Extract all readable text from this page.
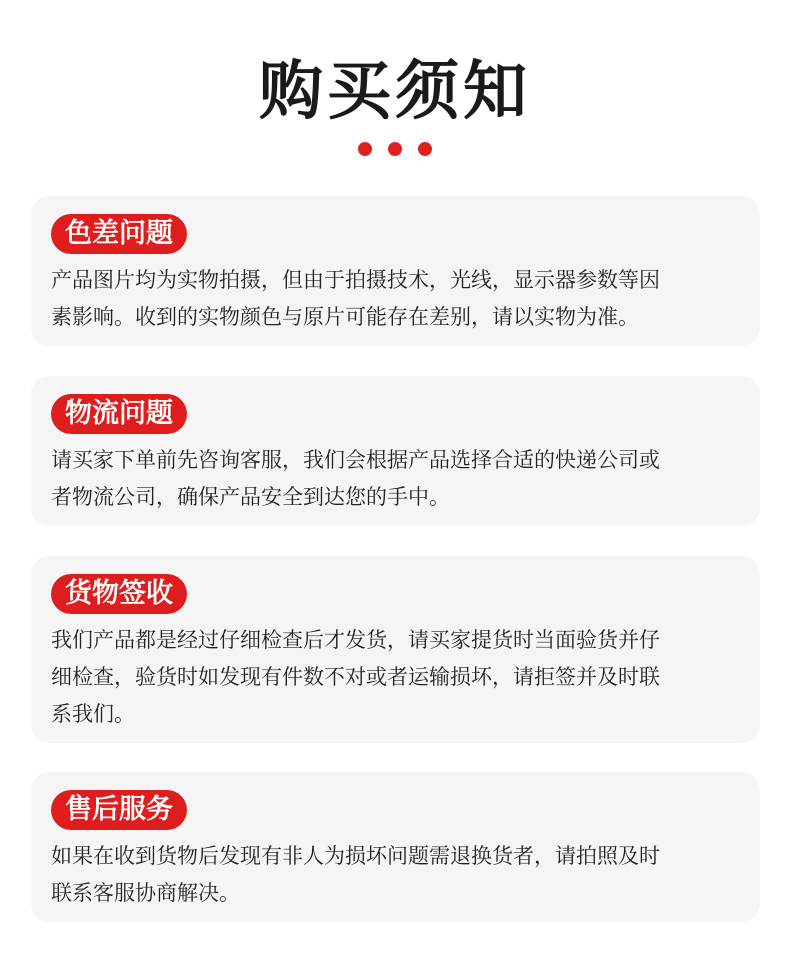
购买须知
色差问题
产品图片均为实物拍摄，但由于拍摄技术，光线，显示器参数等因
素影响。收到的实物颜色与原片可能存在差别，请以实物为准。
物流问题
请买家下单前先咨询客服，我们会根据产品选择合适的快递公司或
者物流公司，确保产品安全到达您的手中。
货物签收
我们产品都是经过仔细检查后才发货，请买家提货时当面验货并仔
细检查，验货时如发现有件数不对或者运输损坏，请拒签并及时联
系我们。
售后服务
如果在收到货物后发现有非人为损坏问题需退换货者，请拍照及时
联系客服协商解决。
